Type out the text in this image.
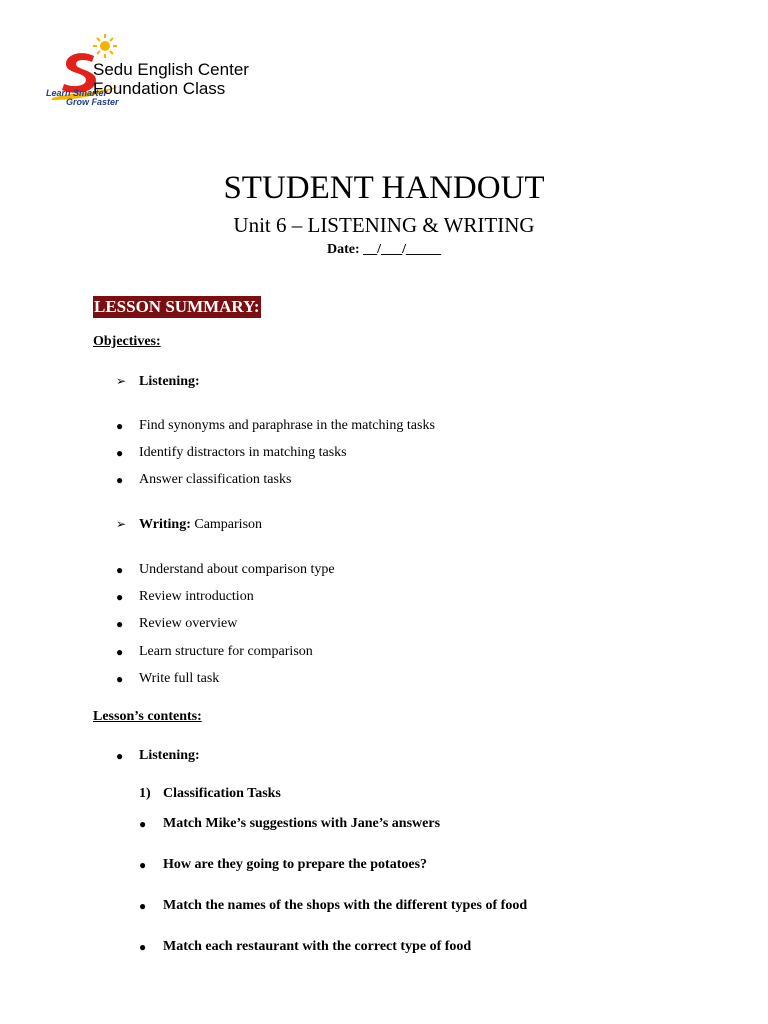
Learn Smarter
Grow Faster
Sedu English Center
Foundation Class
STUDENT HANDOUT
Unit 6 – LISTENING & WRITING
Date: __/___/_____
LESSON SUMMARY:
Objectives:
➢ Listening:
● Find synonyms and paraphrase in the matching tasks
● Identify distractors in matching tasks
● Answer classification tasks
➢ Writing: Camparison
● Understand about comparison type
● Review introduction
● Review overview
● Learn structure for comparison
● Write full task
Lesson’s contents:
● Listening:
1) Classification Tasks
● Match Mike’s suggestions with Jane’s answers
● How are they going to prepare the potatoes?
● Match the names of the shops with the different types of food
● Match each restaurant with the correct type of food
